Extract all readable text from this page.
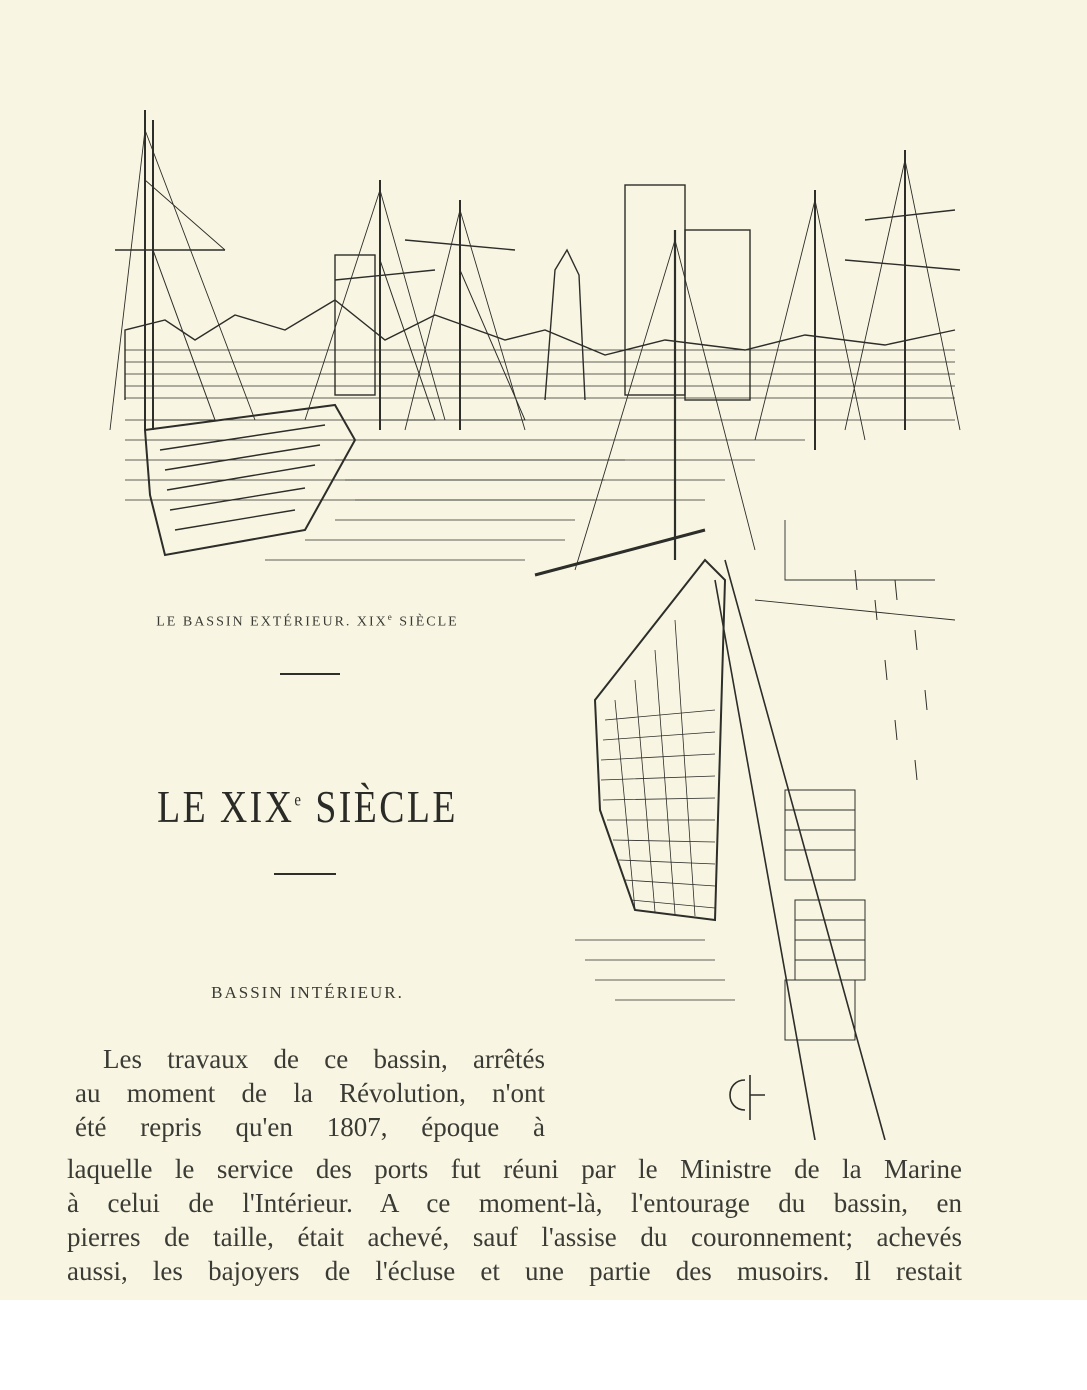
LE BASSIN EXTÉRIEUR. XIXe SIÈCLE
LE XIXe SIÈCLE
BASSIN INTÉRIEUR.
Les travaux de ce bassin, arrêtés
au moment de la Révolution, n'ont
été repris qu'en 1807, époque à
laquelle le service des ports fut réuni par le Ministre de la Marine
à celui de l'Intérieur. A ce moment-là, l'entourage du bassin, en
pierres de taille, était achevé, sauf l'assise du couronnement; achevés
aussi, les bajoyers de l'écluse et une partie des musoirs. Il restait
